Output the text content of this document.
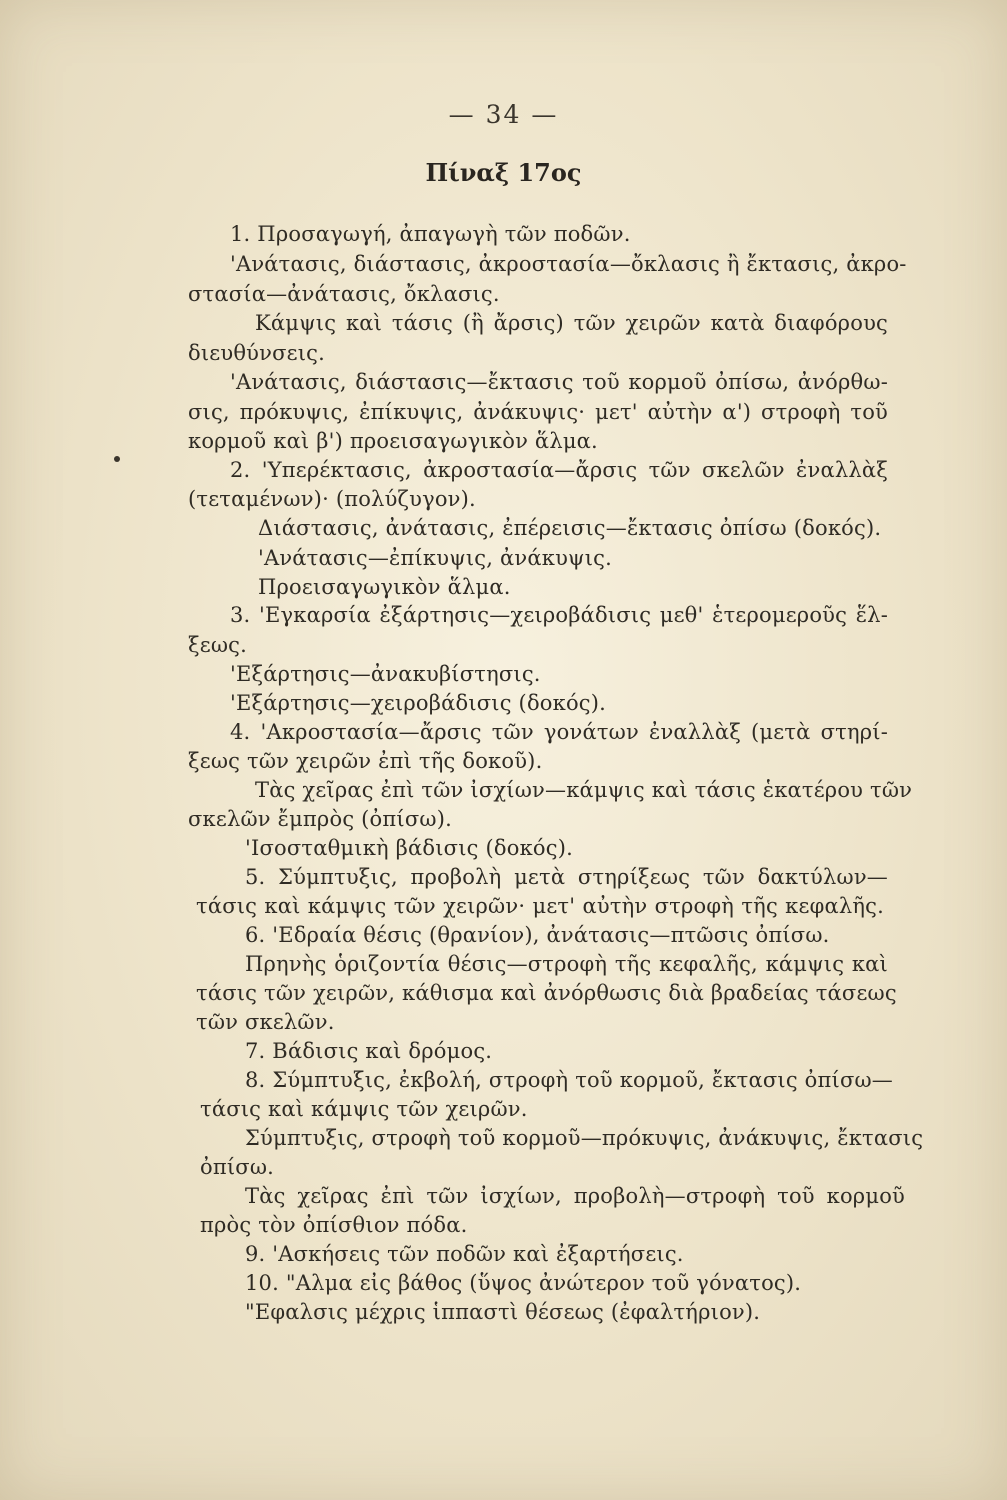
— 34 —
Πίναξ 17ος
1. Προσαγωγή, ἀπαγωγὴ τῶν ποδῶν.
'Ανάτασις, διάστασις, ἀκροστασία—ὄκλασις ἢ ἔκτασις, ἀκρο-
στασία—ἀνάτασις, ὄκλασις.
Κάμψις καὶ τάσις (ἢ ἄρσις) τῶν χειρῶν κατὰ διαφόρους
διευθύνσεις.
'Ανάτασις, διάστασις—ἔκτασις τοῦ κορμοῦ ὀπίσω, ἀνόρθω-
σις, πρόκυψις, ἐπίκυψις, ἀνάκυψις· μετ' αὐτὴν α') στροφὴ τοῦ
κορμοῦ καὶ β') προεισαγωγικὸν ἅλμα.
2. 'Υπερέκτασις, ἀκροστασία—ἄρσις τῶν σκελῶν ἐναλλὰξ
(τεταμένων)· (πολύζυγον).
Διάστασις, ἀνάτασις, ἐπέρεισις—ἔκτασις ὀπίσω (δοκός).
'Ανάτασις—ἐπίκυψις, ἀνάκυψις.
Προεισαγωγικὸν ἅλμα.
3. 'Εγκαρσία ἐξάρτησις—χειροβάδισις μεθ' ἑτερομεροῦς ἕλ-
ξεως.
'Εξάρτησις—ἀνακυβίστησις.
'Εξάρτησις—χειροβάδισις (δοκός).
4. 'Ακροστασία—ἄρσις τῶν γονάτων ἐναλλὰξ (μετὰ στηρί-
ξεως τῶν χειρῶν ἐπὶ τῆς δοκοῦ).
Τὰς χεῖρας ἐπὶ τῶν ἰσχίων—κάμψις καὶ τάσις ἑκατέρου τῶν
σκελῶν ἔμπρὸς (ὀπίσω).
'Ισοσταθμικὴ βάδισις (δοκός).
5. Σύμπτυξις, προβολὴ μετὰ στηρίξεως τῶν δακτύλων—
τάσις καὶ κάμψις τῶν χειρῶν· μετ' αὐτὴν στροφὴ τῆς κεφαλῆς.
6. 'Εδραία θέσις (θρανίον), ἀνάτασις—πτῶσις ὀπίσω.
Πρηνὴς ὁριζοντία θέσις—στροφὴ τῆς κεφαλῆς, κάμψις καὶ
τάσις τῶν χειρῶν, κάθισμα καὶ ἀνόρθωσις διὰ βραδείας τάσεως
τῶν σκελῶν.
7. Βάδισις καὶ δρόμος.
8. Σύμπτυξις, ἐκβολή, στροφὴ τοῦ κορμοῦ, ἔκτασις ὀπίσω—
τάσις καὶ κάμψις τῶν χειρῶν.
Σύμπτυξις, στροφὴ τοῦ κορμοῦ—πρόκυψις, ἀνάκυψις, ἔκτασις
ὀπίσω.
Τὰς χεῖρας ἐπὶ τῶν ἰσχίων, προβολὴ—στροφὴ τοῦ κορμοῦ
πρὸς τὸν ὀπίσθιον πόδα.
9. 'Ασκήσεις τῶν ποδῶν καὶ ἐξαρτήσεις.
10. "Αλμα εἰς βάθος (ὕψος ἀνώτερον τοῦ γόνατος).
"Εφαλσις μέχρις ἱππαστὶ θέσεως (ἐφαλτήριον).
